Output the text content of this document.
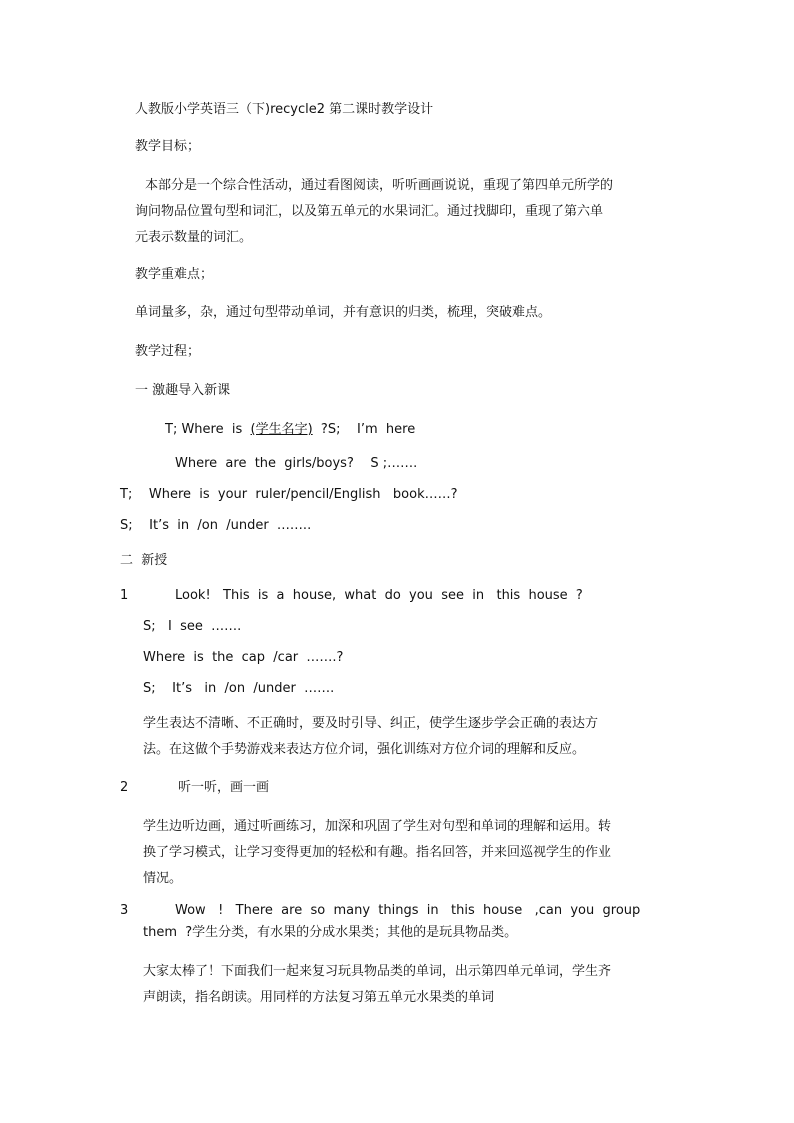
人教版小学英语三（下)recycle2 第二课时教学设计
教学目标；
本部分是一个综合性活动，通过看图阅读，听听画画说说，重现了第四单元所学的
询问物品位置句型和词汇，以及第五单元的水果词汇。通过找脚印，重现了第六单
元表示数量的词汇。
教学重难点；
单词量多，杂，通过句型带动单词，并有意识的归类，梳理，突破难点。
教学过程；
一 激趣导入新课
T; Where  is  (学生名字)  ?S;    I’m  here
Where  are  the  girls/boys?    S ;…….
T;    Where  is  your  ruler/pencil/English   book……?
S;    It’s  in  /on  /under  ……..
二  新授
1	Look!   This  is  a  house,  what  do  you  see  in   this  house  ?
S;   I  see  …….
Where  is  the  cap  /car  …….?
S;    It’s   in  /on  /under  …….
学生表达不清晰、不正确时，要及时引导、纠正，使学生逐步学会正确的表达方
法。在这做个手势游戏来表达方位介词，强化训练对方位介词的理解和反应。
2	听一听，画一画
学生边听边画，通过听画练习，加深和巩固了学生对句型和单词的理解和运用。转
换了学习模式，让学习变得更加的轻松和有趣。指名回答，并来回巡视学生的作业
情况。
3	Wow   !   There  are  so  many  things  in   this  house   ,can  you  group
them  ?学生分类，有水果的分成水果类；其他的是玩具物品类。
大家太棒了！下面我们一起来复习玩具物品类的单词，出示第四单元单词，学生齐
声朗读，指名朗读。用同样的方法复习第五单元水果类的单词
